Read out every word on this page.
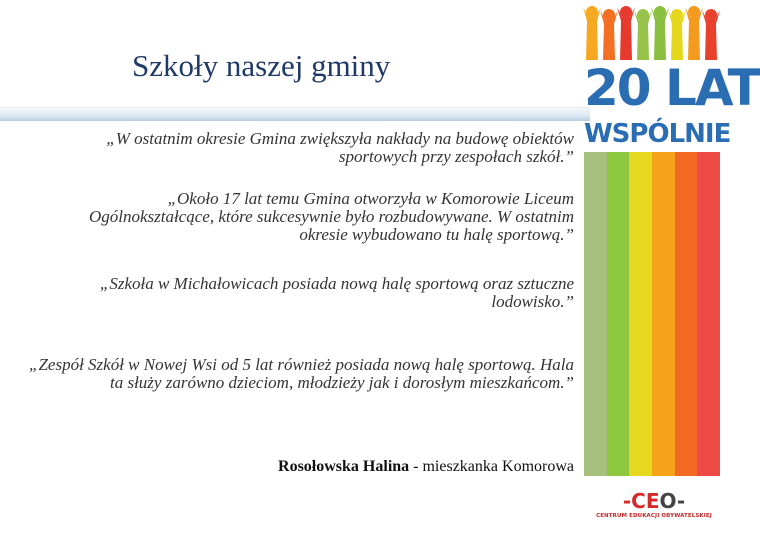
Szkoły naszej gminy
„W ostatnim okresie Gmina zwiększyła nakłady na budowę obiektów sportowych przy zespołach szkół.”
„Około 17 lat temu Gmina otworzyła w Komorowie Liceum Ogólnokształcące, które sukcesywnie było rozbudowywane. W ostatnim okresie wybudowano tu halę sportową.”
„Szkoła w Michałowicach posiada nową halę sportową oraz sztuczne lodowisko.”
„Zespół Szkół w Nowej Wsi od 5 lat również posiada nową halę sportową. Hala ta służy zarówno dzieciom, młodzieży jak i dorosłym mieszkańcom.”
Rosołowska Halina - mieszkanka Komorowa
20 LAT
WSPÓLNIE
-CEO-
CENTRUM EDUKACJI OBYWATELSKIEJ
